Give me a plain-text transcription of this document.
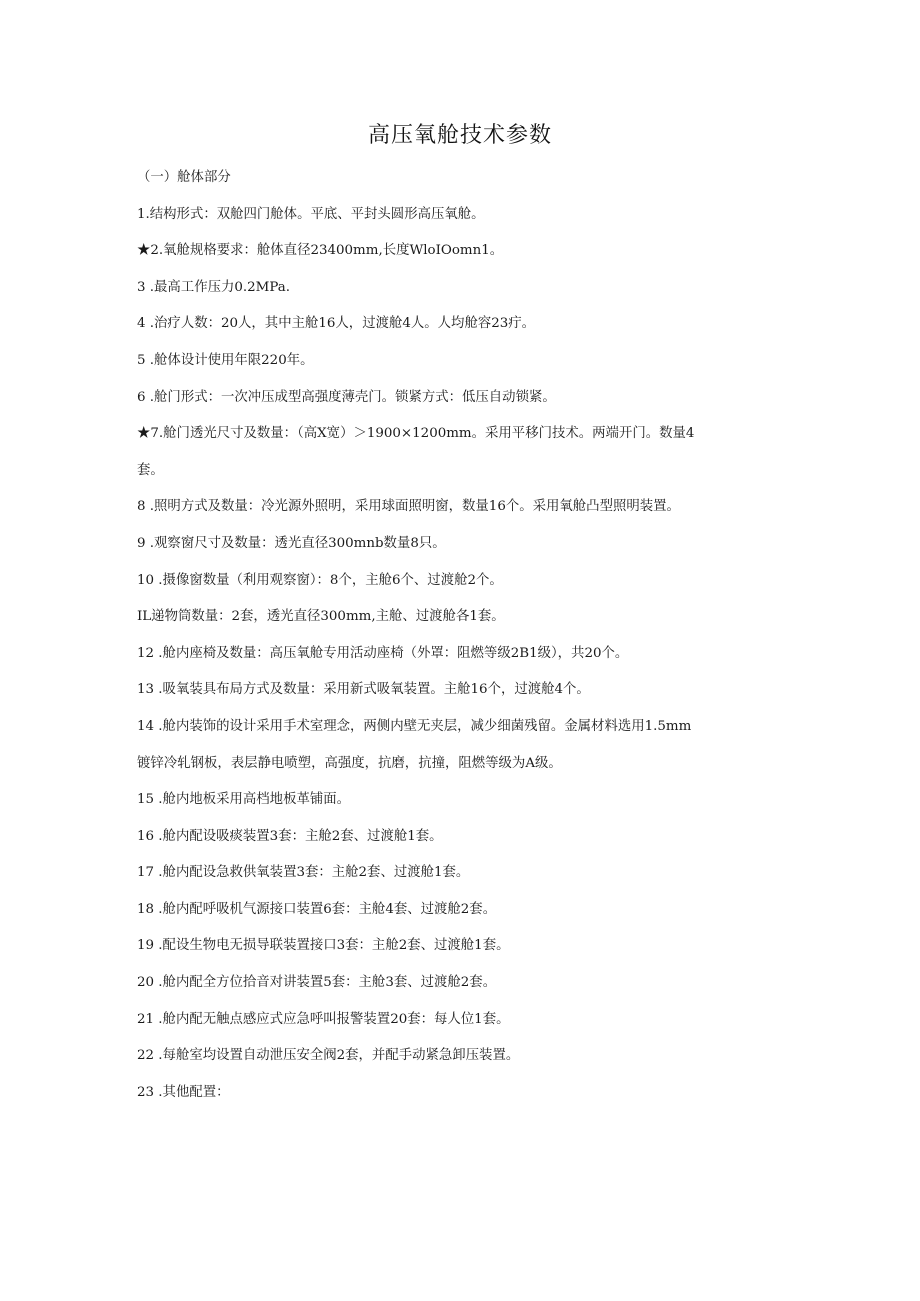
高压氧舱技术参数
（一）舱体部分
1.结构形式：双舱四门舱体。平底、平封头圆形高压氧舱。
★2.氧舱规格要求：舱体直径23400mm,长度WloIOomn1。
3 .最高工作压力0.2MPa.
4 .治疗人数：20人，其中主舱16人，过渡舱4人。人均舱容23疔。
5 .舱体设计使用年限220年。
6 .舱门形式：一次冲压成型高强度薄壳门。锁紧方式：低压自动锁紧。
★7.舱门透光尺寸及数量：（高X宽）＞1900×1200mm。采用平移门技术。两端开门。数量4
套。
8 .照明方式及数量：冷光源外照明，采用球面照明窗，数量16个。采用氧舱凸型照明装置。
9 .观察窗尺寸及数量：透光直径300mnb数量8只。
10 .摄像窗数量（利用观察窗）：8个，主舱6个、过渡舱2个。
IL递物筒数量：2套，透光直径300mm,主舱、过渡舱各1套。
12 .舱内座椅及数量：高压氧舱专用活动座椅（外罩：阻燃等级2B1级），共20个。
13 .吸氧装具布局方式及数量：采用新式吸氧装置。主舱16个，过渡舱4个。
14 .舱内装饰的设计采用手术室理念，两侧内壁无夹层，减少细菌残留。金属材料选用1.5mm
镀锌冷轧钢板，表层静电喷塑，高强度，抗磨，抗撞，阻燃等级为A级。
15 .舱内地板采用高档地板革铺面。
16 .舱内配设吸痰装置3套：主舱2套、过渡舱1套。
17 .舱内配设急救供氧装置3套：主舱2套、过渡舱1套。
18 .舱内配呼吸机气源接口装置6套：主舱4套、过渡舱2套。
19 .配设生物电无损导联装置接口3套：主舱2套、过渡舱1套。
20 .舱内配全方位拾音对讲装置5套：主舱3套、过渡舱2套。
21 .舱内配无触点感应式应急呼叫报警装置20套：每人位1套。
22 .每舱室均设置自动泄压安全阀2套，并配手动紧急卸压装置。
23 .其他配置：
